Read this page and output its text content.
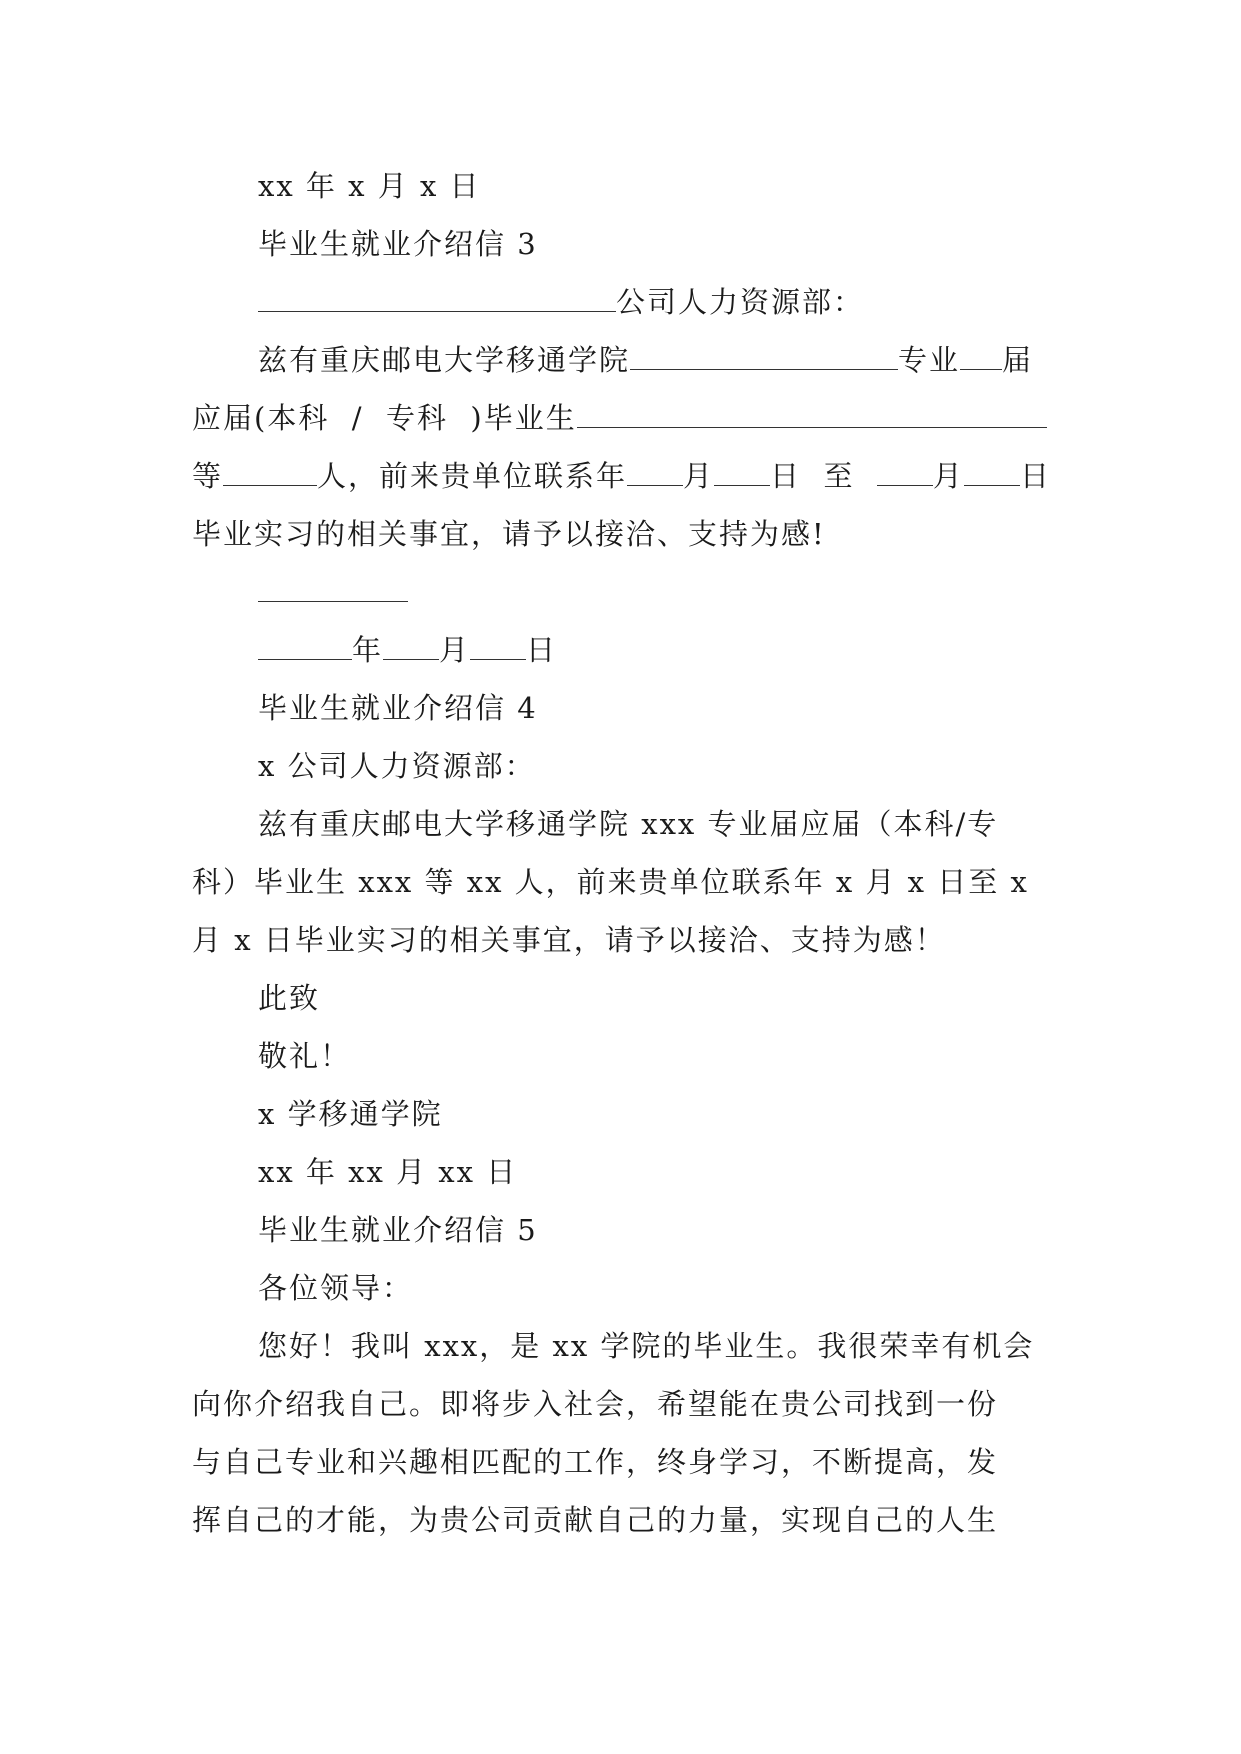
xx 年 x 月 x 日
毕业生就业介绍信 3
公司人力资源部：
兹有重庆邮电大学移通学院	专业 届
应届(本科  /  专科  )毕业生
等	人，前来贵单位联系年 月 日  至  月 日
毕业实习的相关事宜，请予以接洽、支持为感!
年 月 日
毕业生就业介绍信 4
x 公司人力资源部：
兹有重庆邮电大学移通学院 xxx 专业届应届（本科/专
科）毕业生 xxx 等 xx 人，前来贵单位联系年 x 月 x 日至 x
月 x 日毕业实习的相关事宜，请予以接洽、支持为感！
此致
敬礼！
x 学移通学院
xx 年 xx 月 xx 日
毕业生就业介绍信 5
各位领导：
您好！我叫 xxx，是 xx 学院的毕业生。我很荣幸有机会
向你介绍我自己。即将步入社会，希望能在贵公司找到一份
与自己专业和兴趣相匹配的工作，终身学习，不断提高，发
挥自己的才能，为贵公司贡献自己的力量，实现自己的人生
